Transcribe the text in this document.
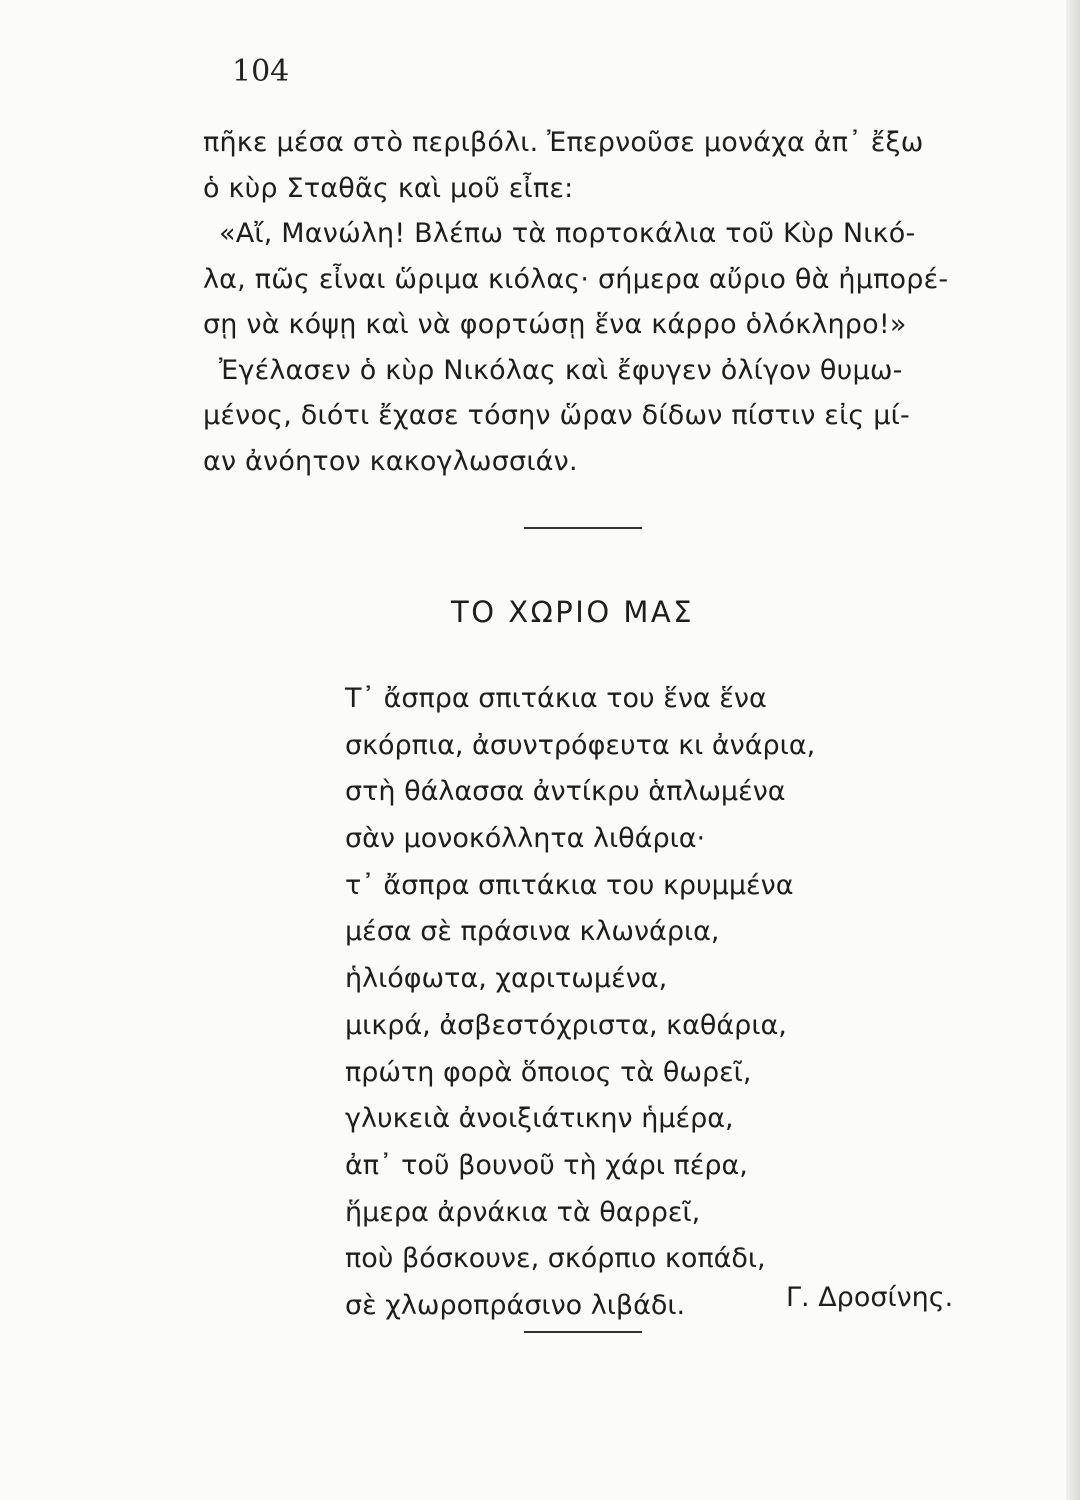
104
πῆκε μέσα στὸ περιβόλι. Ἐπερνοῦσε μονάχα ἀπ᾿ ἔξω
ὁ κὺρ Σταθᾶς καὶ μοῦ εἶπε:
«Αἴ, Μανώλη! Βλέπω τὰ πορτοκάλια τοῦ Κὺρ Νικό-
λα, πῶς εἶναι ὥριμα κιόλας· σήμερα αὔριο θὰ ἠμπορέ-
σῃ νὰ κόψῃ καὶ νὰ φορτώσῃ ἕνα κάρρο ὁλόκληρο!»
Ἐγέλασεν ὁ κὺρ Νικόλας καὶ ἔφυγεν ὀλίγον θυμω-
μένος, διότι ἔχασε τόσην ὥραν δίδων πίστιν εἰς μί-
αν ἀνόητον κακογλωσσιάν.
ΤΟ ΧΩΡΙΟ ΜΑΣ
Τ᾿ ἄσπρα σπιτάκια του ἕνα ἕνα
σκόρπια, ἀσυντρόφευτα κι ἀνάρια,
στὴ θάλασσα ἀντίκρυ ἁπλωμένα
σὰν μονοκόλλητα λιθάρια·
τ᾿ ἄσπρα σπιτάκια του κρυμμένα
μέσα σὲ πράσινα κλωνάρια,
ἡλιόφωτα, χαριτωμένα,
μικρά, ἀσβεστόχριστα, καθάρια,
πρώτη φορὰ ὅποιος τὰ θωρεῖ,
γλυκειὰ ἀνοιξιάτικην ἡμέρα,
ἀπ᾿ τοῦ βουνοῦ τὴ χάρι πέρα,
ἥμερα ἀρνάκια τὰ θαρρεῖ,
ποὺ βόσκουνε, σκόρπιο κοπάδι,
σὲ χλωροπράσινο λιβάδι.	Γ. Δροσίνης.
